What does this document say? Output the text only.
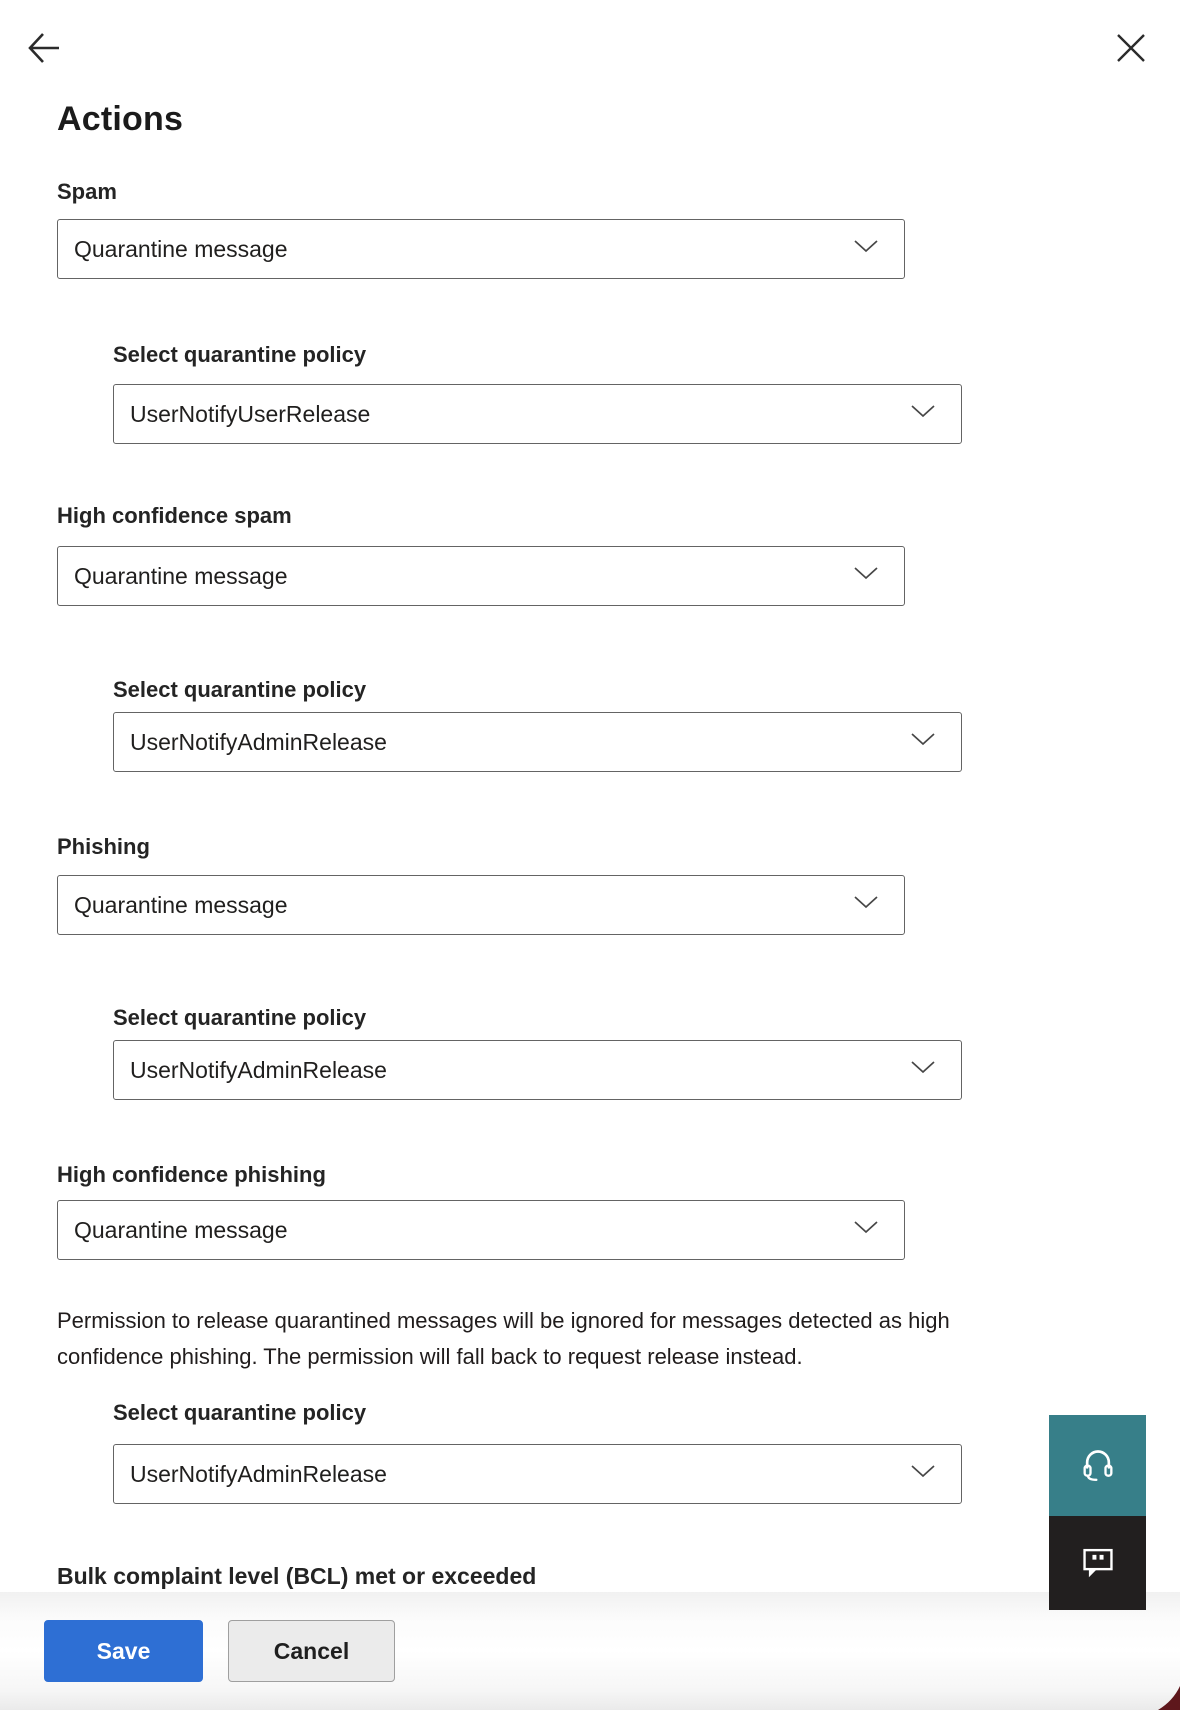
Actions
Spam
Quarantine message
Select quarantine policy
UserNotifyUserRelease
High confidence spam
Quarantine message
Select quarantine policy
UserNotifyAdminRelease
Phishing
Quarantine message
Select quarantine policy
UserNotifyAdminRelease
High confidence phishing
Quarantine message
Permission to release quarantined messages will be ignored for messages detected as high confidence phishing. The permission will fall back to request release instead.
Select quarantine policy
UserNotifyAdminRelease
Bulk complaint level (BCL) met or exceeded
Save	Cancel
